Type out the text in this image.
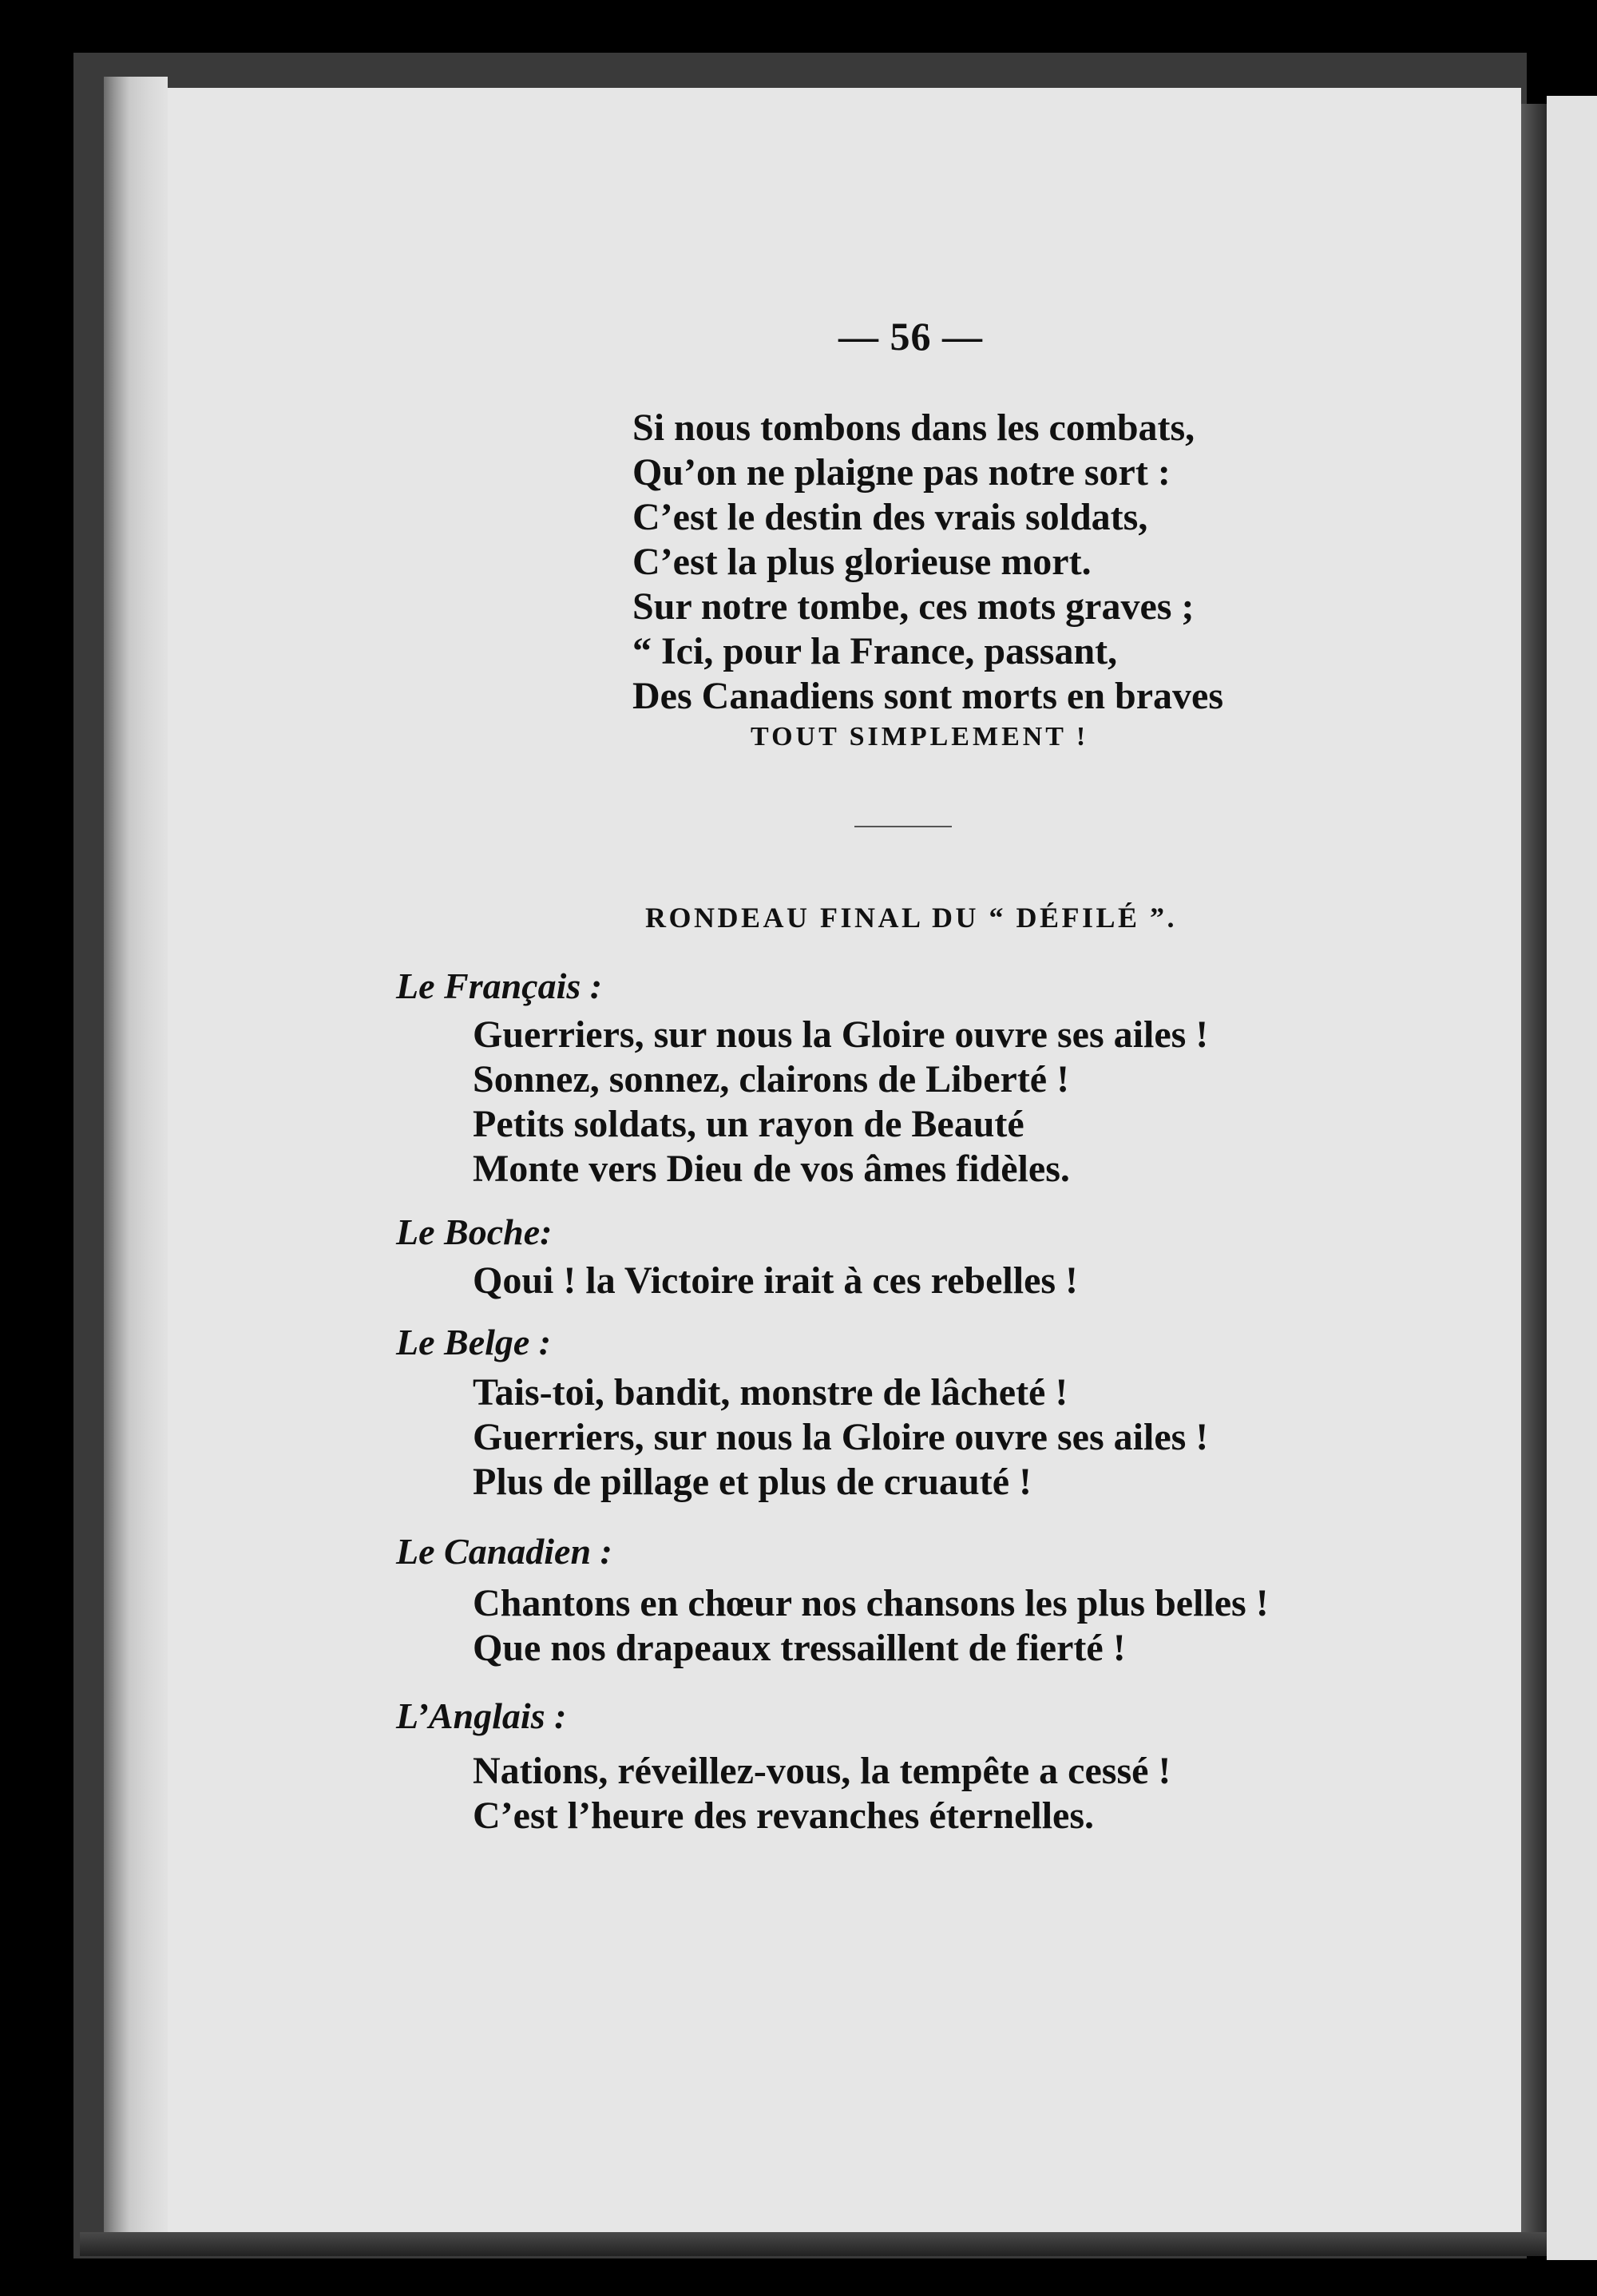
— 56 —

Si nous tombons dans les combats,
Qu’on ne plaigne pas notre sort :
C’est le destin des vrais soldats,
C’est la plus glorieuse mort.
Sur notre tombe, ces mots graves ;
“ Ici, pour la France, passant,
Des Canadiens sont morts en braves
TOUT SIMPLEMENT !

RONDEAU FINAL DU “ DÉFILÉ ”.

Le Français :

Guerriers, sur nous la Gloire ouvre ses ailes !
Sonnez, sonnez, clairons de Liberté !
Petits soldats, un rayon de Beauté
Monte vers Dieu de vos âmes fidèles.

Le Boche:

Qoui ! la Victoire irait à ces rebelles !

Le Belge :

Tais-toi, bandit, monstre de lâcheté !
Guerriers, sur nous la Gloire ouvre ses ailes !
Plus de pillage et plus de cruauté !

Le Canadien :

Chantons en chœur nos chansons les plus belles !
Que nos drapeaux tressaillent de fierté !

L’Anglais :

Nations, réveillez-vous, la tempête a cessé !
C’est l’heure des revanches éternelles.
